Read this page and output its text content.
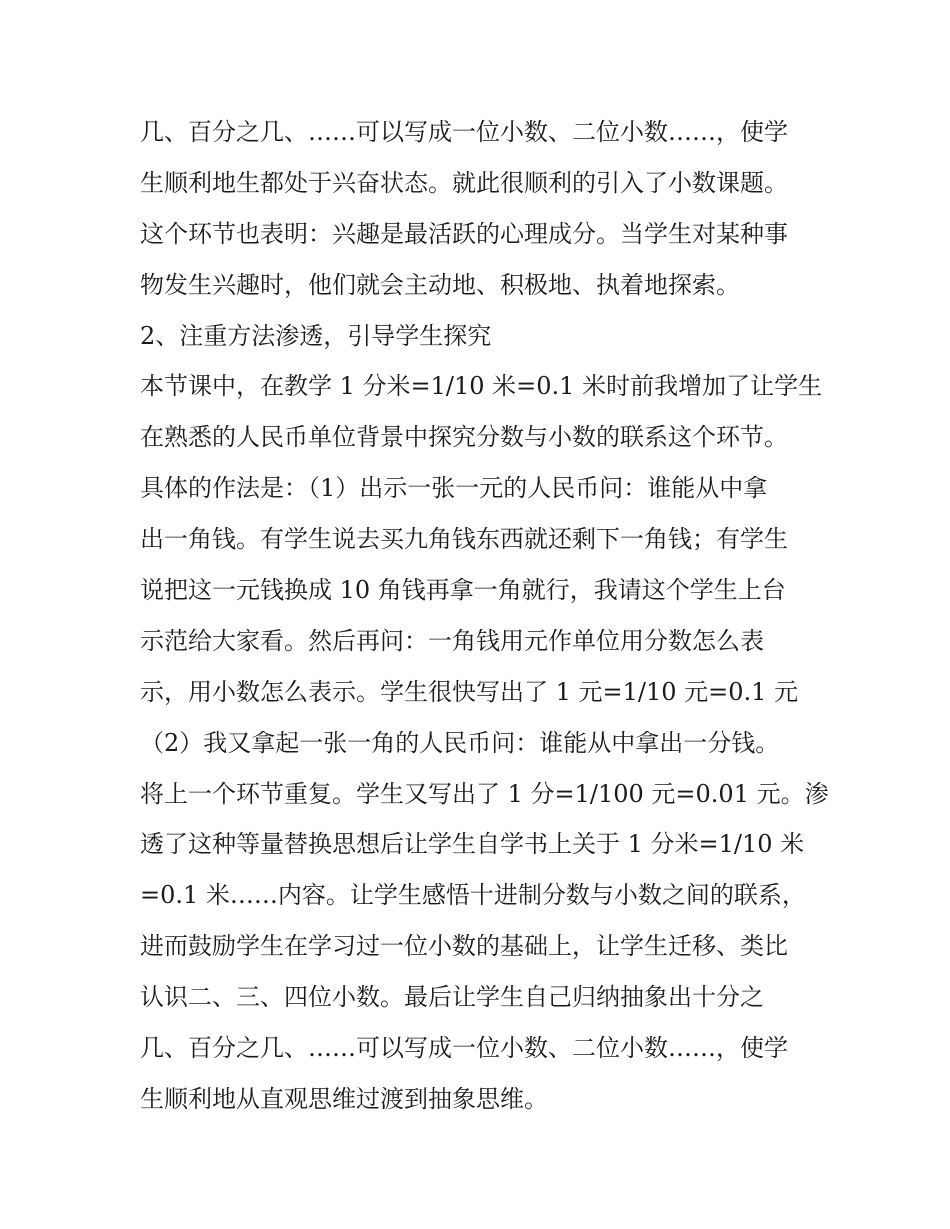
几、百分之几、……可以写成一位小数、二位小数……，使学
生顺利地生都处于兴奋状态。就此很顺利的引入了小数课题。
这个环节也表明：兴趣是最活跃的心理成分。当学生对某种事
物发生兴趣时，他们就会主动地、积极地、执着地探索。
2、注重方法渗透，引导学生探究
本节课中，在教学 1 分米=1/10 米=0.1 米时前我增加了让学生
在熟悉的人民币单位背景中探究分数与小数的联系这个环节。
具体的作法是：（1）出示一张一元的人民币问：谁能从中拿
出一角钱。有学生说去买九角钱东西就还剩下一角钱；有学生
说把这一元钱换成 10 角钱再拿一角就行，我请这个学生上台
示范给大家看。然后再问：一角钱用元作单位用分数怎么表
示，用小数怎么表示。学生很快写出了 1 元=1/10 元=0.1 元
（2）我又拿起一张一角的人民币问：谁能从中拿出一分钱。
将上一个环节重复。学生又写出了 1 分=1/100 元=0.01 元。渗
透了这种等量替换思想后让学生自学书上关于 1 分米=1/10 米
=0.1 米……内容。让学生感悟十进制分数与小数之间的联系，
进而鼓励学生在学习过一位小数的基础上，让学生迁移、类比
认识二、三、四位小数。最后让学生自己归纳抽象出十分之
几、百分之几、……可以写成一位小数、二位小数……，使学
生顺利地从直观思维过渡到抽象思维。
